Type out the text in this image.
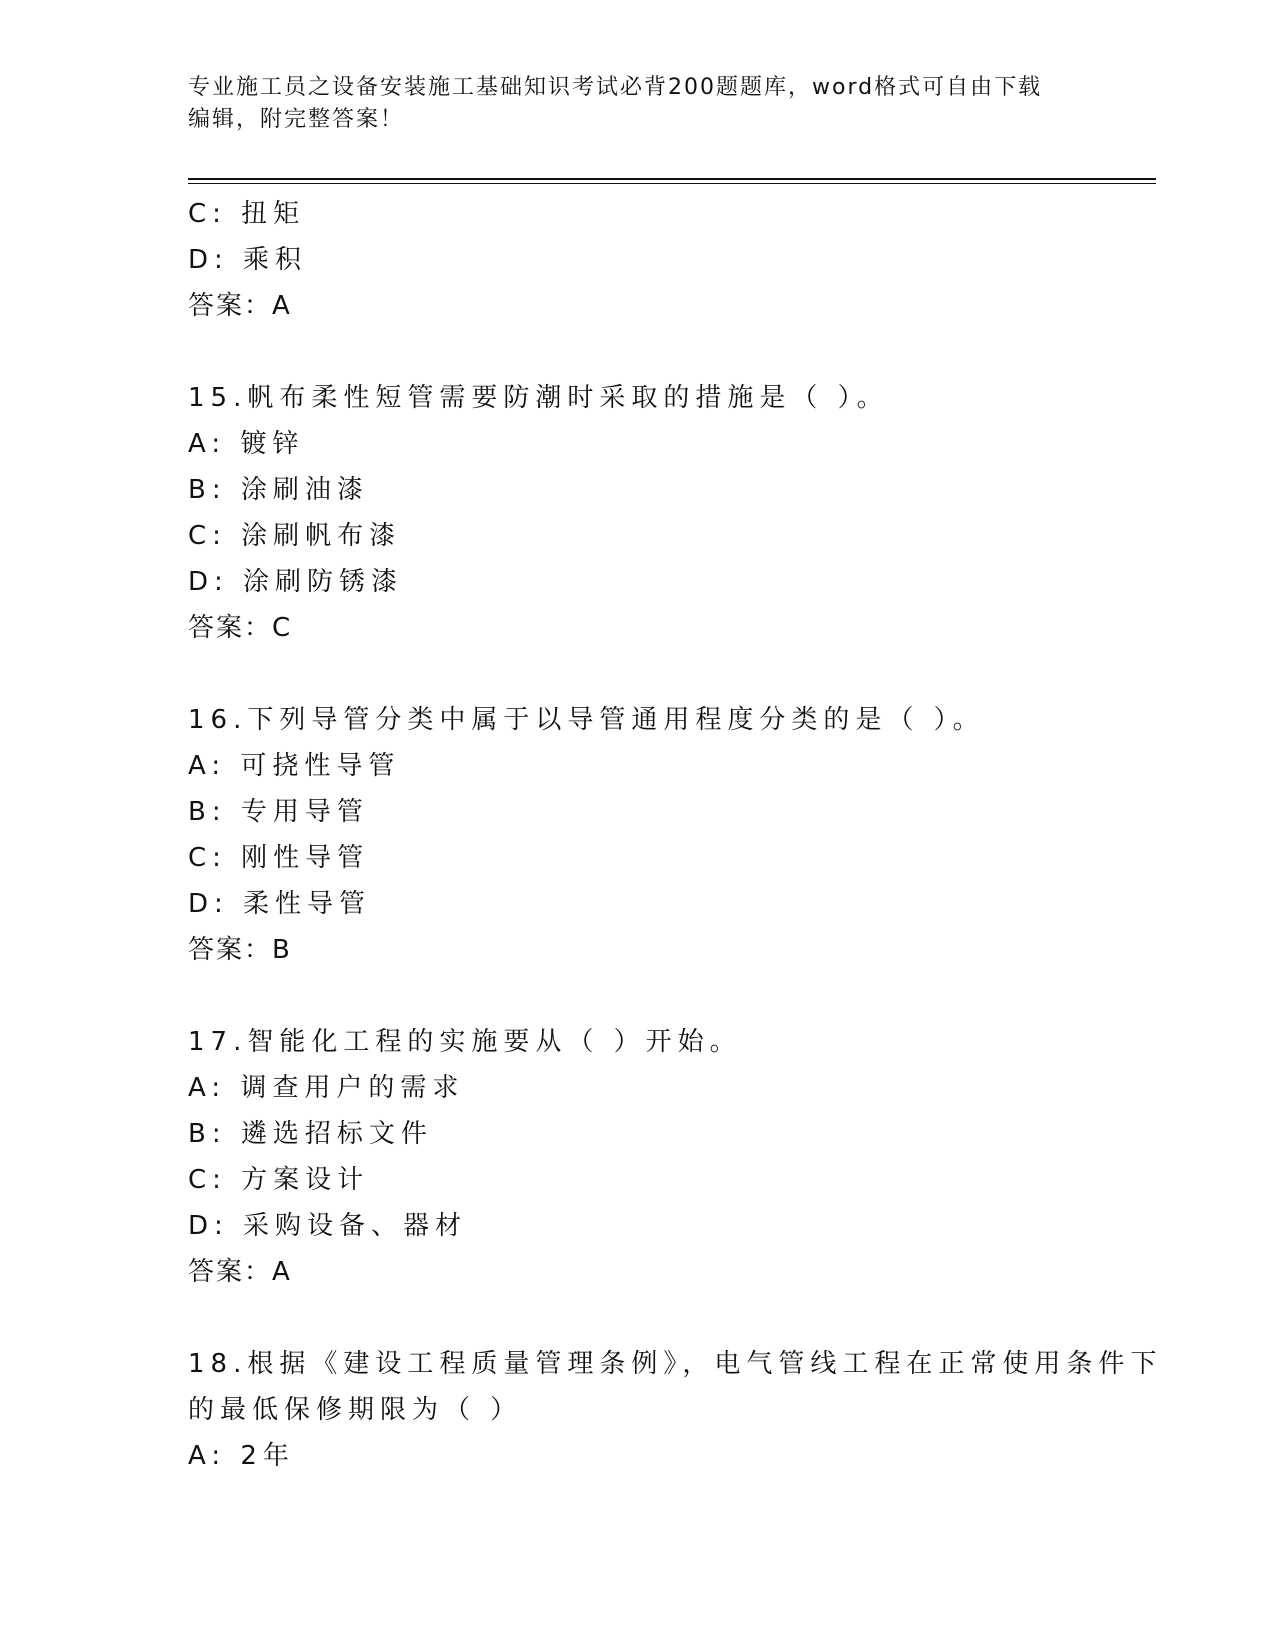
专业施工员之设备安装施工基础知识考试必背200题题库，word格式可自由下载
编辑，附完整答案！
C: 扭矩
D: 乘积
答案：A
15.帆布柔性短管需要防潮时采取的措施是（ ）。
A: 镀锌
B: 涂刷油漆
C: 涂刷帆布漆
D: 涂刷防锈漆
答案：C
16.下列导管分类中属于以导管通用程度分类的是（ ）。
A: 可挠性导管
B: 专用导管
C: 刚性导管
D: 柔性导管
答案：B
17.智能化工程的实施要从（ ）开始。
A: 调查用户的需求
B: 遴选招标文件
C: 方案设计
D: 采购设备、器材
答案：A
18.根据《建设工程质量管理条例》，电气管线工程在正常使用条件下
的最低保修期限为（ ）
A: 2年
